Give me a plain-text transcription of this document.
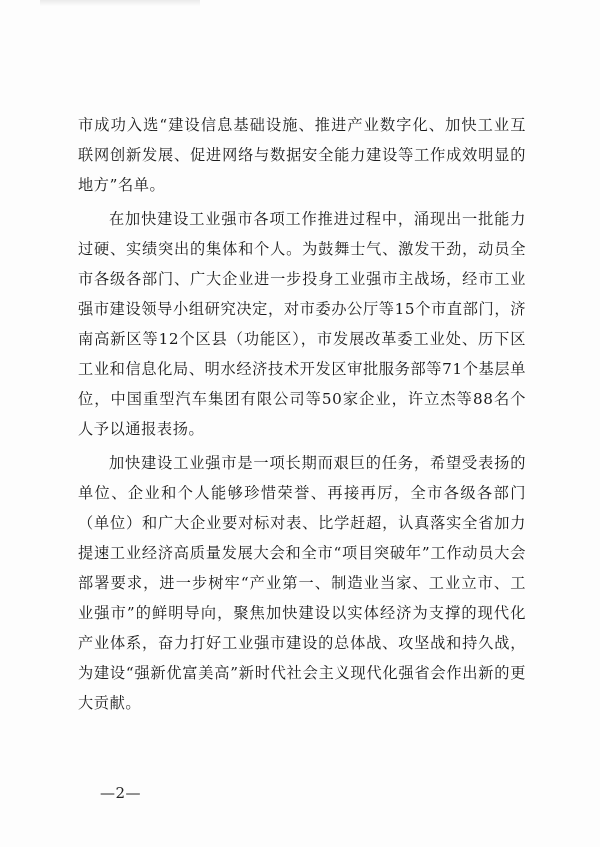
市成功入选“建设信息基础设施、推进产业数字化、加快工业互联网创新发展、促进网络与数据安全能力建设等工作成效明显的地方”名单。

在加快建设工业强市各项工作推进过程中，涌现出一批能力过硬、实绩突出的集体和个人。为鼓舞士气、激发干劲，动员全市各级各部门、广大企业进一步投身工业强市主战场，经市工业强市建设领导小组研究决定，对市委办公厅等15个市直部门，济南高新区等12个区县（功能区），市发展改革委工业处、历下区工业和信息化局、明水经济技术开发区审批服务部等71个基层单位，中国重型汽车集团有限公司等50家企业，许立杰等88名个人予以通报表扬。

加快建设工业强市是一项长期而艰巨的任务，希望受表扬的单位、企业和个人能够珍惜荣誉、再接再厉，全市各级各部门（单位）和广大企业要对标对表、比学赶超，认真落实全省加力提速工业经济高质量发展大会和全市“项目突破年”工作动员大会部署要求，进一步树牢“产业第一、制造业当家、工业立市、工业强市”的鲜明导向，聚焦加快建设以实体经济为支撑的现代化产业体系，奋力打好工业强市建设的总体战、攻坚战和持久战，为建设“强新优富美高”新时代社会主义现代化强省会作出新的更大贡献。

—2—
